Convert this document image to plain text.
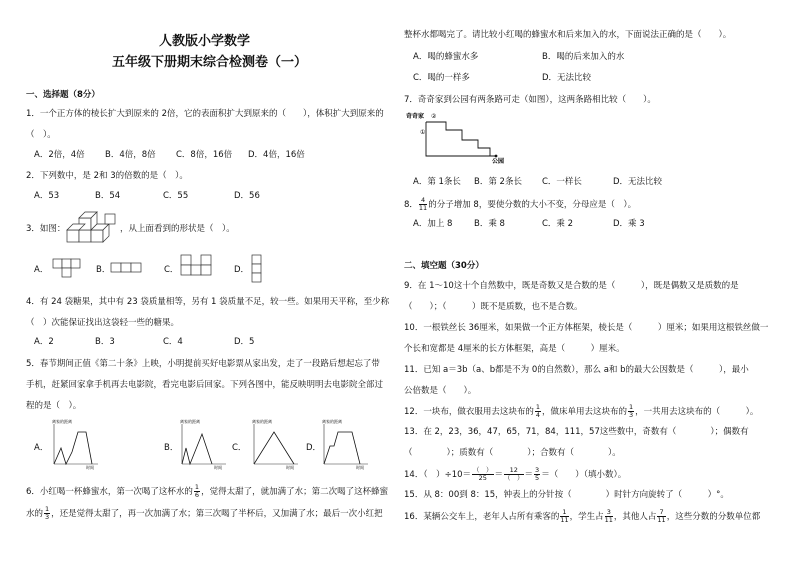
人教版小学数学
五年级下册期末综合检测卷（一）
一、选择题（8分）
1．一个正方体的棱长扩大到原来的 2倍，它的表面积扩大到原来的（　　），体积扩大到原来的
（　）。
A．2倍，4倍 B．4倍，8倍 C．8倍，16倍 D．4倍，16倍
2．下列数中，是 2和 3的倍数的是（　）。
A．53	B．54	C．55	D．56
3．如图：	，从上面看到的形状是（　）。
A．	B．	C．	D．
4．有 24 袋糖果，其中有 23 袋质量相等，另有 1 袋质量不足，较一些。如果用天平称，至少称
（　）次能保证找出这袋轻一些的糖果。
A．2	B．3	C．4	D．5
5．春节期间正值《第二十条》上映，小明提前买好电影票从家出发，走了一段路后想起忘了带
手机，赶紧回家拿手机再去电影院，看完电影后回家。下列各图中，能反映明明去电影院全部过
程的是（　）。
A．
离家的距离
时间
B．
离家的距离
时间
C．
离家的距离
时间
D．
离家的距离
时间
6．小红喝一杯蜂蜜水，第一次喝了这杯水的 $\frac{1}{6}$ ，觉得太甜了，就加满了水；第二次喝了这杯蜂蜜
水的 $\frac{1}{3}$ ，还是觉得太甜了，再一次加满了水；第三次喝了半杯后，又加满了水；最后一次小红把
整杯水都喝完了。请比较小红喝的蜂蜜水和后来加入的水，下面说法正确的是（　　）。
A．喝的蜂蜜水多	B．喝的后来加入的水
C．喝的一样多	D．无法比较
7．奇奇家到公园有两条路可走（如图），这两条路相比较（　　）。
奇奇家 ②
①
公园
A．第 1条长 B．第 2条长 C．一样长	D．无法比较
8． $\frac{4}{11}$ 的分子增加 8，要使分数的大小不变，分母应是（　）。
A．加上 8	B．乘 8	C．乘 2	D．乘 3
二、填空题（30分）
9．在 1～10这十个自然数中，既是奇数又是合数的是（　　　），既是偶数又是质数的是
（　　）；（　　　）既不是质数，也不是合数。
10．一根铁丝长 36厘米，如果做一个正方体框架，棱长是（　　　）厘米；如果用这根铁丝做一
个长和宽都是 4厘米的长方体框架，高是（　　　）厘米。
11．已知 a＝3b（a、b都是不为 0的自然数），那么 a和 b的最大公因数是（　　　），最小
公倍数是（　　）。
12．一块布，做衣服用去这块布的 $\frac{1}{4}$ ，做床单用去这块布的 $\frac{1}{3}$ ，一共用去这块布的（　　　）。
13．在 2，23，36，47，65，71，84，111，57这些数中，奇数有（　　　　）；偶数有
（　　　　）；质数有（　　　　）；合数有（　　　　）。
14．（　）$\div 10= \frac{( )}{25} = \frac{12}{( )} = \frac{3}{5}$ ＝（　　）（填小数）。
15．从 8：00到 8：15，钟表上的分针按（　　　　）时针方向旋转了（　　　）°。
16．某辆公交车上，老年人占所有乘客的 $\frac{1}{11}$ ，学生占 $\frac{3}{11}$ ，其他人占 $\frac{7}{11}$ ，这些分数的分数单位都
